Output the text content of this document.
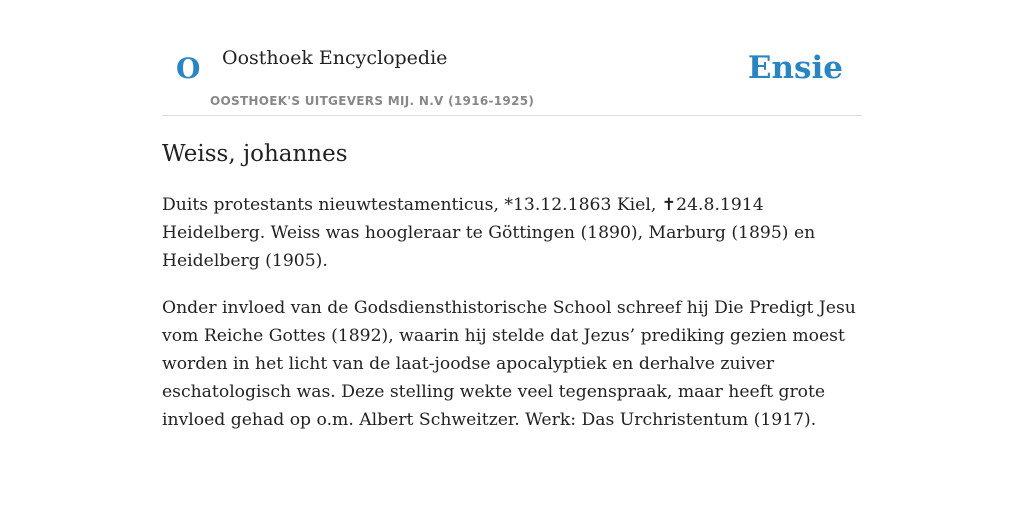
O Oosthoek Encyclopedie
OOSTHOEK'S UITGEVERS MIJ. N.V (1916-1925)
Ensie
Weiss, johannes

Duits protestants nieuwtestamenticus, *13.12.1863 Kiel, ✝24.8.1914 Heidelberg. Weiss was hoogleraar te Göttingen (1890), Marburg (1895) en Heidelberg (1905).

Onder invloed van de Godsdiensthistorische School schreef hij Die Predigt Jesu vom Reiche Gottes (1892), waarin hij stelde dat Jezus’ prediking gezien moest worden in het licht van de laat-joodse apocalyptiek en derhalve zuiver eschatologisch was. Deze stelling wekte veel tegenspraak, maar heeft grote invloed gehad op o.m. Albert Schweitzer. Werk: Das Urchristentum (1917).
